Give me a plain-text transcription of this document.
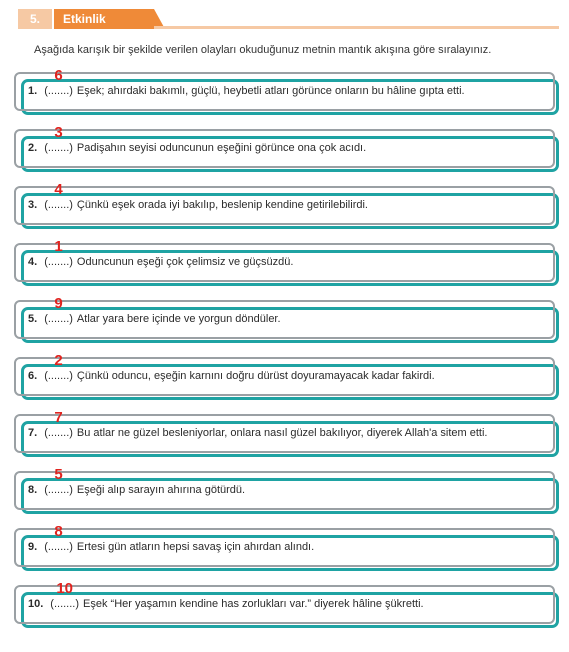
5.	Etkinlik
Aşağıda karışık bir şekilde verilen olayları okuduğunuz metnin mantık akışına göre sıralayınız.
1. (.......)
6
Eşek; ahırdaki bakımlı, güçlü, heybetli atları görünce onların bu hâline gıpta etti.
2. (.......)
3
Padişahın seyisi oduncunun eşeğini görünce ona çok acıdı.
3. (.......)
4
Çünkü eşek orada iyi bakılıp, beslenip kendine getirilebilirdi.
4. (.......)
1
Oduncunun eşeği çok çelimsiz ve güçsüzdü.
5. (.......)
9
Atlar yara bere içinde ve yorgun döndüler.
6. (.......)
2
Çünkü oduncu, eşeğin karnını doğru dürüst doyuramayacak kadar fakirdi.
7. (.......)
7
Bu atlar ne güzel besleniyorlar, onlara nasıl güzel bakılıyor, diyerek Allah'a sitem etti.
8. (.......)
5
Eşeği alıp sarayın ahırına götürdü.
9. (.......)
8
Ertesi gün atların hepsi savaş için ahırdan alındı.
10. (.......)
10
Eşek “Her yaşamın kendine has zorlukları var.” diyerek hâline şükretti.
